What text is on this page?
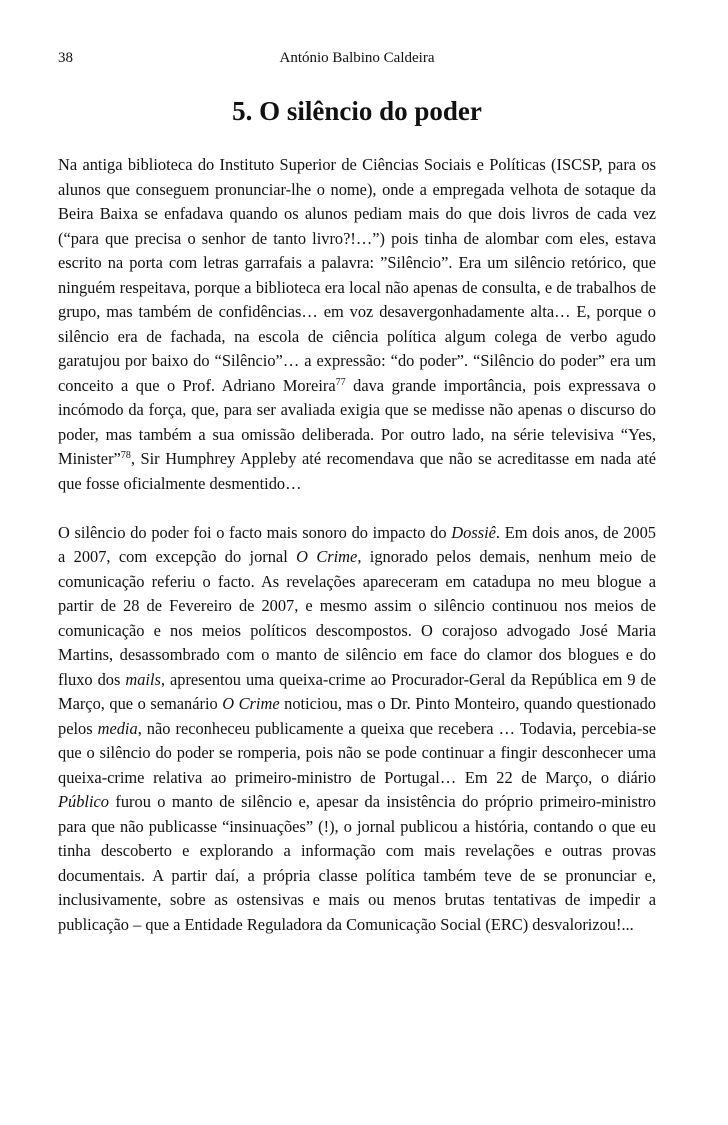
38	António Balbino Caldeira
5. O silêncio do poder

Na antiga biblioteca do Instituto Superior de Ciências Sociais e Políticas (ISCSP, para os alunos que conseguem pronunciar-lhe o nome), onde a empregada velhota de sotaque da Beira Baixa se enfadava quando os alunos pediam mais do que dois livros de cada vez (“para que precisa o senhor de tanto livro?!…”) pois tinha de alombar com eles, estava escrito na porta com letras garrafais a palavra: ”Silêncio”. Era um silêncio retórico, que ninguém respeitava, porque a biblioteca era local não apenas de consulta, e de trabalhos de grupo, mas também de confidências… em voz desavergonhadamente alta… E, porque o silêncio era de fachada, na escola de ciência política algum colega de verbo agudo garatujou por baixo do “Silêncio”… a expressão: “do poder”. “Silêncio do poder” era um conceito a que o Prof. Adriano Moreira$^{77}$ dava grande importância, pois expressava o incómodo da força, que, para ser avaliada exigia que se medisse não apenas o discurso do poder, mas também a sua omissão deliberada. Por outro lado, na série televisiva “Yes, Minister”$^{78}$, Sir Humphrey Appleby até recomendava que não se acreditasse em nada até que fosse oficialmente desmentido…

O silêncio do poder foi o facto mais sonoro do impacto do Dossiê. Em dois anos, de 2005 a 2007, com excepção do jornal O Crime, ignorado pelos demais, nenhum meio de comunicação referiu o facto. As revelações apareceram em catadupa no meu blogue a partir de 28 de Fevereiro de 2007, e mesmo assim o silêncio continuou nos meios de comunicação e nos meios políticos descompostos. O corajoso advogado José Maria Martins, desassombrado com o manto de silêncio em face do clamor dos blogues e do fluxo dos mails, apresentou uma queixa-crime ao Procurador-Geral da República em 9 de Março, que o semanário O Crime noticiou, mas o Dr. Pinto Monteiro, quando questionado pelos media, não reconheceu publicamente a queixa que recebera … Todavia, percebia-se que o silêncio do poder se romperia, pois não se pode continuar a fingir desconhecer uma queixa-crime relativa ao primeiro-ministro de Portugal… Em 22 de Março, o diário Público furou o manto de silêncio e, apesar da insistência do próprio primeiro-ministro para que não publicasse “insinuações” (!), o jornal publicou a história, contando o que eu tinha descoberto e explorando a informação com mais revelações e outras provas documentais. A partir daí, a própria classe política também teve de se pronunciar e, inclusivamente, sobre as ostensivas e mais ou menos brutas tentativas de impedir a publicação – que a Entidade Reguladora da Comunicação Social (ERC) desvalorizou!...
